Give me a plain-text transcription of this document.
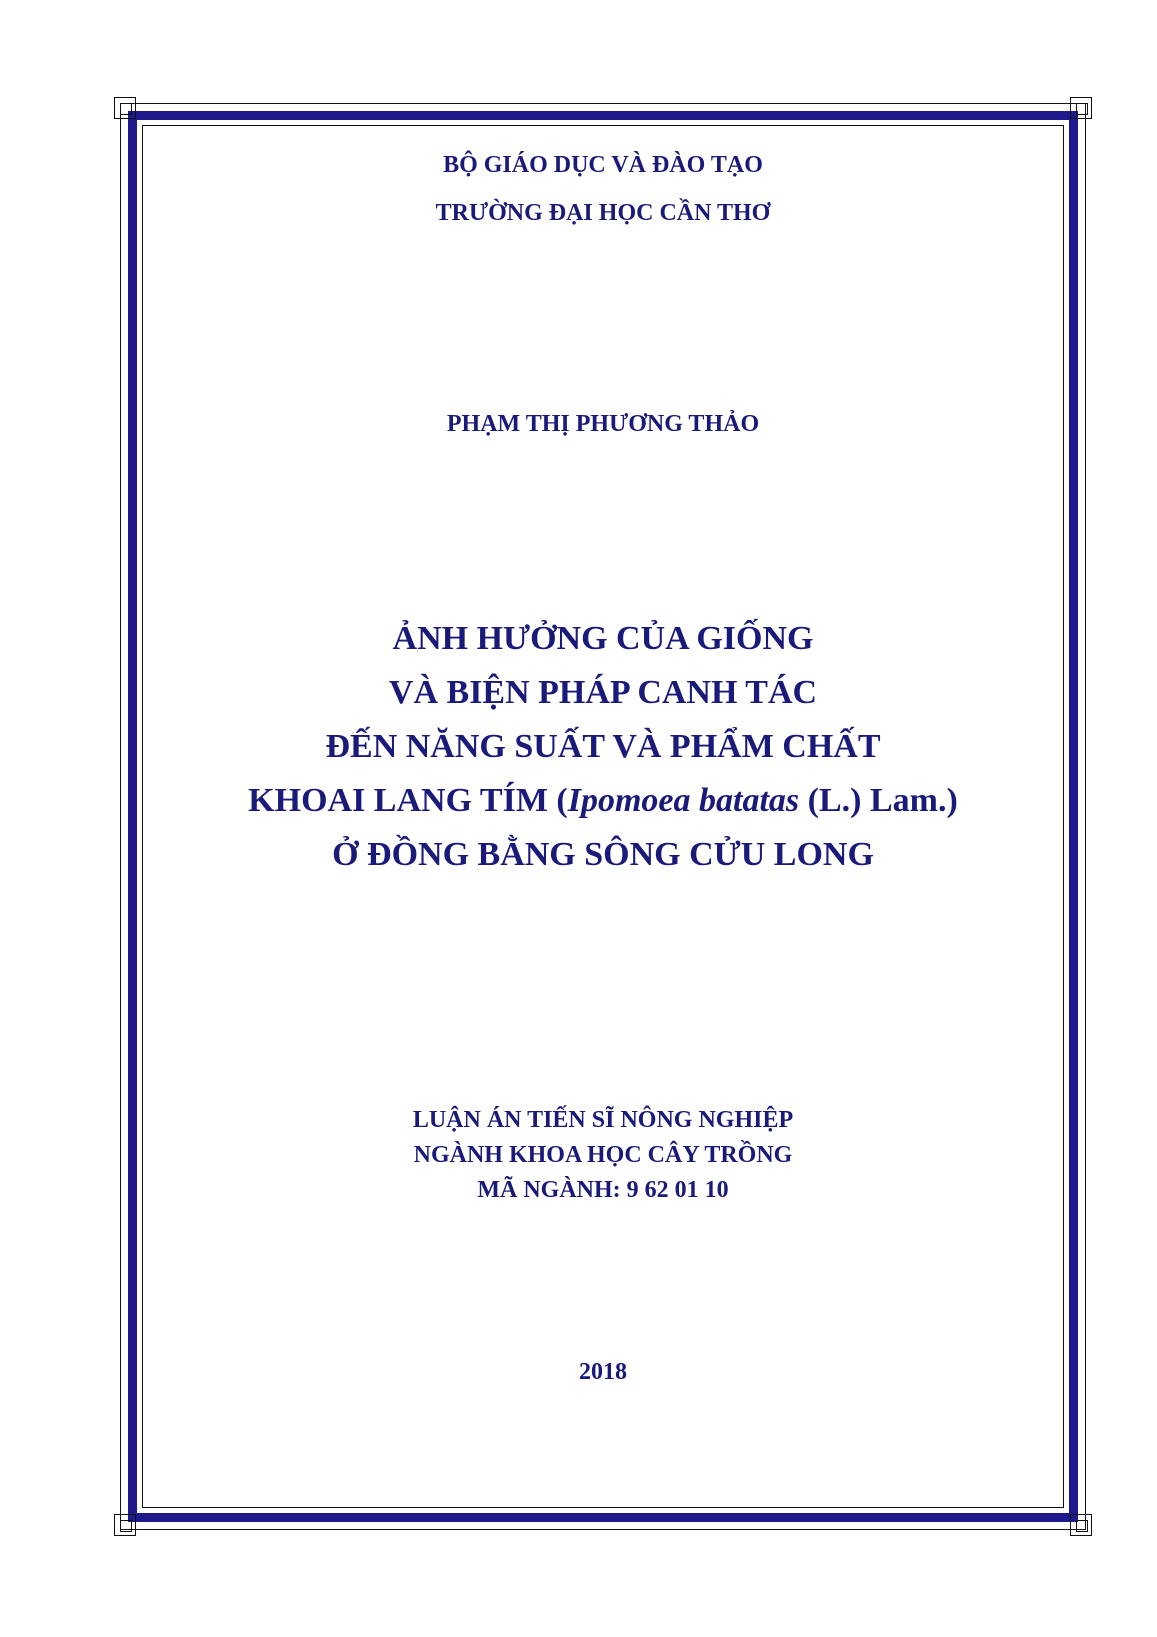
BỘ GIÁO DỤC VÀ ĐÀO TẠO
TRƯỜNG ĐẠI HỌC CẦN THƠ
PHẠM THỊ PHƯƠNG THẢO
ẢNH HƯỞNG CỦA GIỐNG
VÀ BIỆN PHÁP CANH TÁC
ĐẾN NĂNG SUẤT VÀ PHẨM CHẤT
KHOAI LANG TÍM (Ipomoea batatas (L.) Lam.)
Ở ĐỒNG BẰNG SÔNG CỬU LONG
LUẬN ÁN TIẾN SĨ NÔNG NGHIỆP
NGÀNH KHOA HỌC CÂY TRỒNG
MÃ NGÀNH: 9 62 01 10
2018
